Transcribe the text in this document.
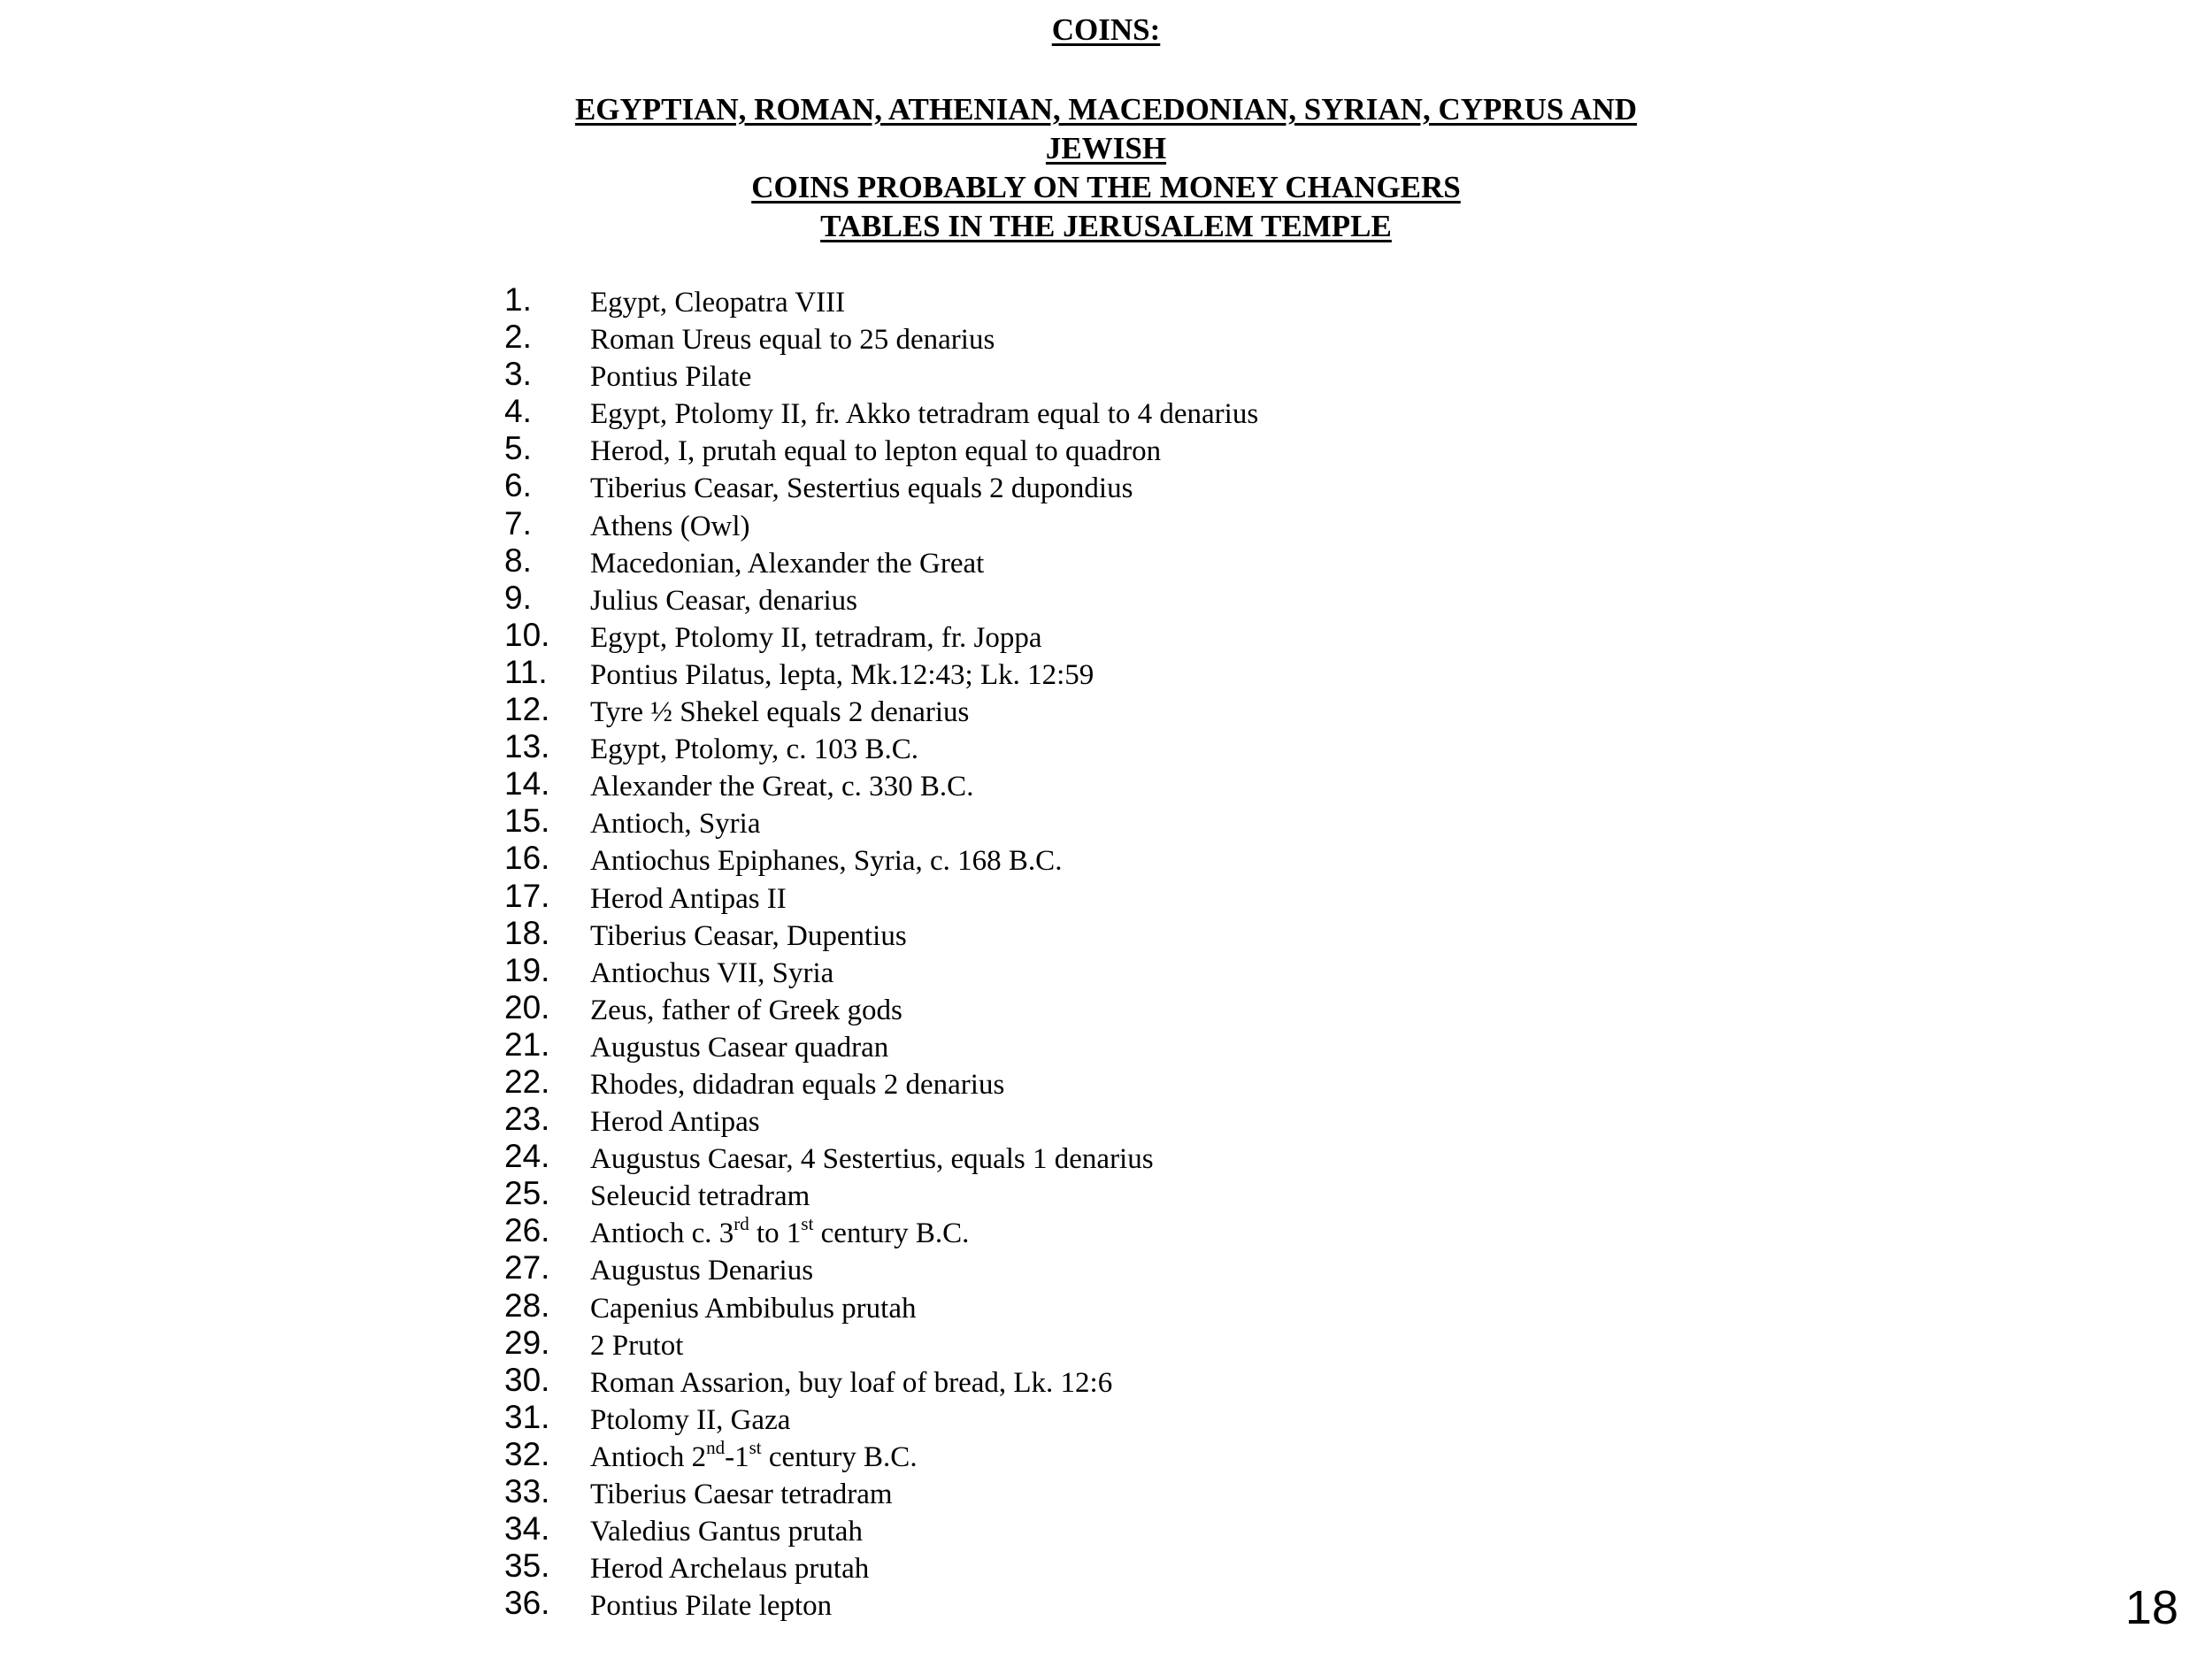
COINS:
EGYPTIAN, ROMAN, ATHENIAN, MACEDONIAN, SYRIAN, CYPRUS AND
JEWISH
COINS PROBABLY ON THE MONEY CHANGERS
TABLES IN THE JERUSALEM TEMPLE
1. Egypt, Cleopatra VIII
2. Roman Ureus equal to 25 denarius
3. Pontius Pilate
4. Egypt, Ptolomy II, fr. Akko tetradram equal to 4 denarius
5. Herod, I, prutah equal to lepton equal to quadron
6. Tiberius Ceasar, Sestertius equals 2 dupondius
7. Athens (Owl)
8. Macedonian, Alexander the Great
9. Julius Ceasar, denarius
10. Egypt, Ptolomy II, tetradram, fr. Joppa
11. Pontius Pilatus, lepta, Mk.12:43; Lk. 12:59
12. Tyre ½ Shekel equals 2 denarius
13. Egypt, Ptolomy, c. 103 B.C.
14. Alexander the Great, c. 330 B.C.
15. Antioch, Syria
16. Antiochus Epiphanes, Syria, c. 168 B.C.
17. Herod Antipas II
18. Tiberius Ceasar, Dupentius
19. Antiochus VII, Syria
20. Zeus, father of Greek gods
21. Augustus Casear quadran
22. Rhodes, didadran equals 2 denarius
23. Herod Antipas
24. Augustus Caesar, 4 Sestertius, equals 1 denarius
25. Seleucid tetradram
26. Antioch c. 3rd to 1st century B.C.
27. Augustus Denarius
28. Capenius Ambibulus prutah
29. 2 Prutot
30. Roman Assarion, buy loaf of bread, Lk. 12:6
31. Ptolomy II, Gaza
32. Antioch 2nd-1st century B.C.
33. Tiberius Caesar tetradram
34. Valedius Gantus prutah
35. Herod Archelaus prutah
36. Pontius Pilate lepton	18
